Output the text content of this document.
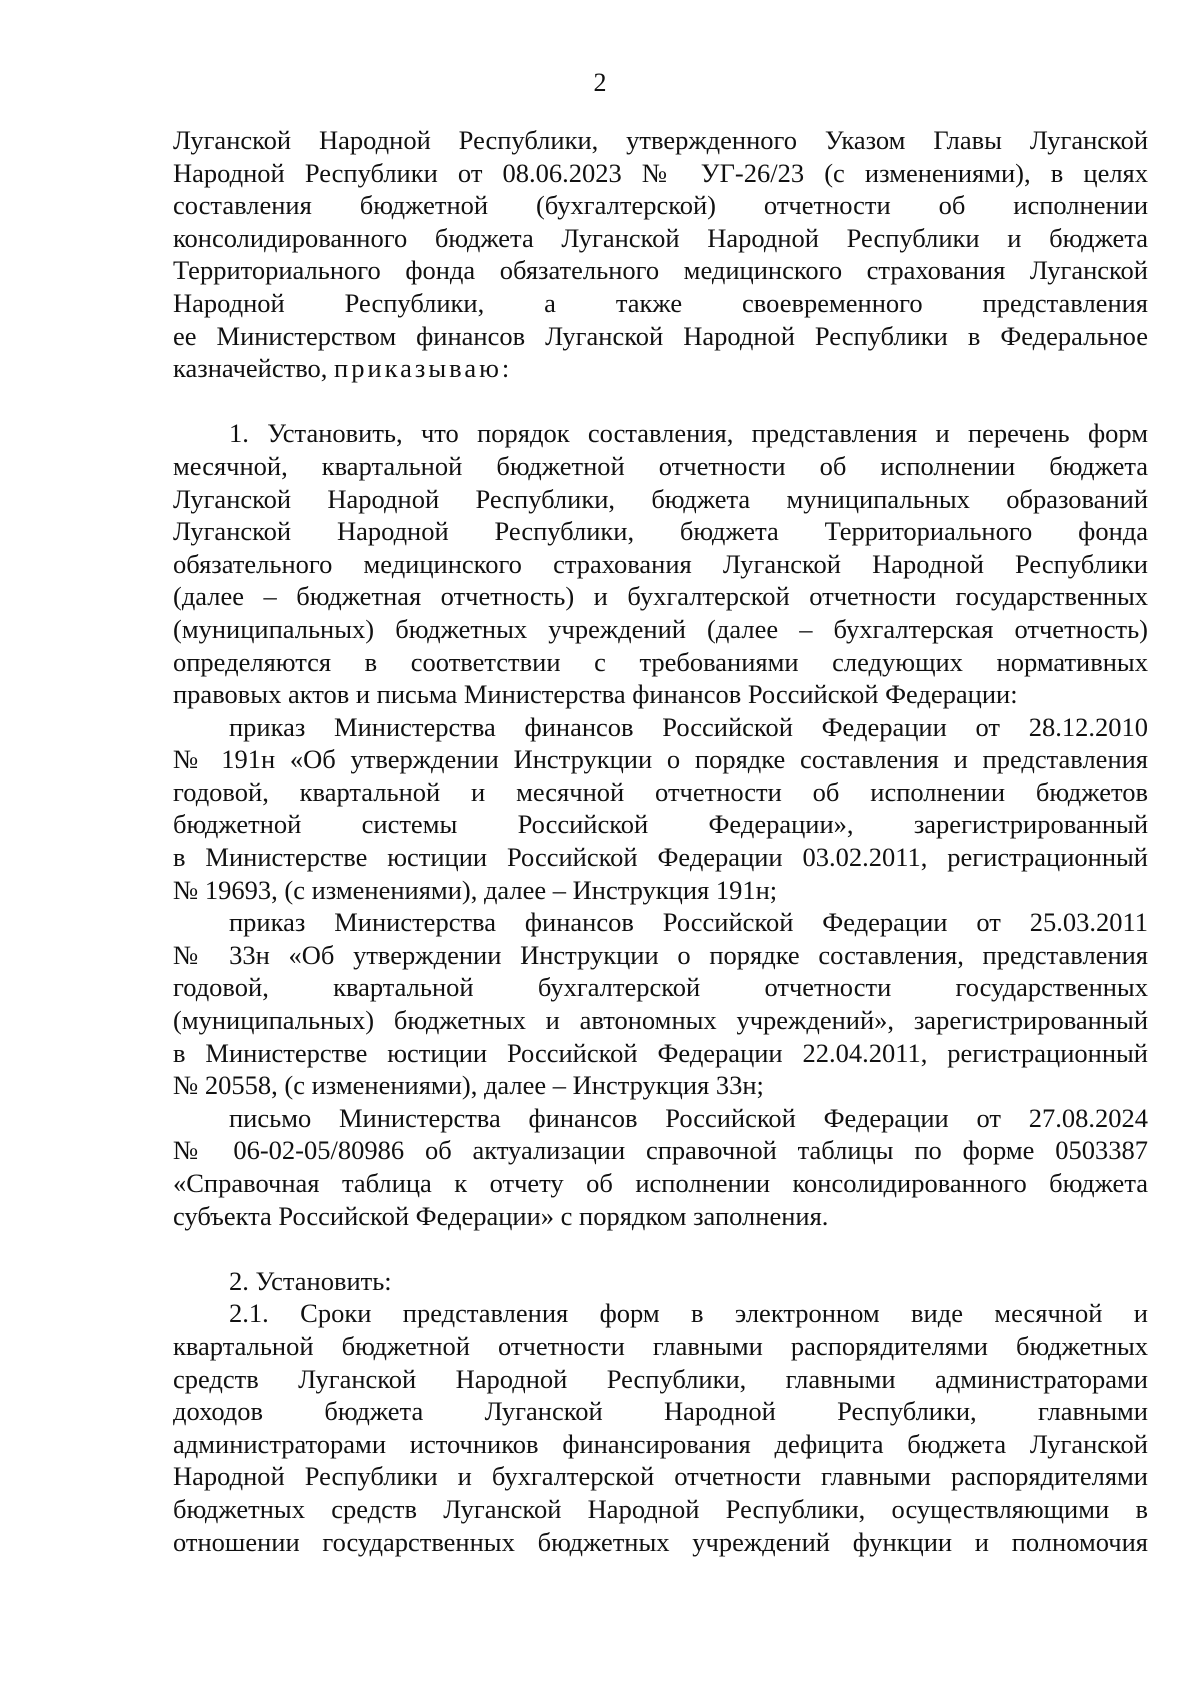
2
Луганской Народной Республики, утвержденного Указом Главы Луганской
Народной Республики от 08.06.2023 № УГ-26/23 (с изменениями), в целях
составления бюджетной (бухгалтерской) отчетности об исполнении
консолидированного бюджета Луганской Народной Республики и бюджета
Территориального фонда обязательного медицинского страхования Луганской
Народной Республики, а также своевременного представления
ее Министерством финансов Луганской Народной Республики в Федеральное
казначейство, приказываю:
1. Установить, что порядок составления, представления и перечень форм
месячной, квартальной бюджетной отчетности об исполнении бюджета
Луганской Народной Республики, бюджета муниципальных образований
Луганской Народной Республики, бюджета Территориального фонда
обязательного медицинского страхования Луганской Народной Республики
(далее – бюджетная отчетность) и бухгалтерской отчетности государственных
(муниципальных) бюджетных учреждений (далее – бухгалтерская отчетность)
определяются в соответствии с требованиями следующих нормативных
правовых актов и письма Министерства финансов Российской Федерации:
приказ Министерства финансов Российской Федерации от 28.12.2010
№ 191н «Об утверждении Инструкции о порядке составления и представления
годовой, квартальной и месячной отчетности об исполнении бюджетов
бюджетной системы Российской Федерации», зарегистрированный
в Министерстве юстиции Российской Федерации 03.02.2011, регистрационный
№ 19693, (с изменениями), далее – Инструкция 191н;
приказ Министерства финансов Российской Федерации от 25.03.2011
№ 33н «Об утверждении Инструкции о порядке составления, представления
годовой, квартальной бухгалтерской отчетности государственных
(муниципальных) бюджетных и автономных учреждений», зарегистрированный
в Министерстве юстиции Российской Федерации 22.04.2011, регистрационный
№ 20558, (с изменениями), далее – Инструкция 33н;
письмо Министерства финансов Российской Федерации от 27.08.2024
№ 06-02-05/80986 об актуализации справочной таблицы по форме 0503387
«Справочная таблица к отчету об исполнении консолидированного бюджета
субъекта Российской Федерации» с порядком заполнения.
2. Установить:
2.1. Сроки представления форм в электронном виде месячной и
квартальной бюджетной отчетности главными распорядителями бюджетных
средств Луганской Народной Республики, главными администраторами
доходов бюджета Луганской Народной Республики, главными
администраторами источников финансирования дефицита бюджета Луганской
Народной Республики и бухгалтерской отчетности главными распорядителями
бюджетных средств Луганской Народной Республики, осуществляющими в
отношении государственных бюджетных учреждений функции и полномочия
